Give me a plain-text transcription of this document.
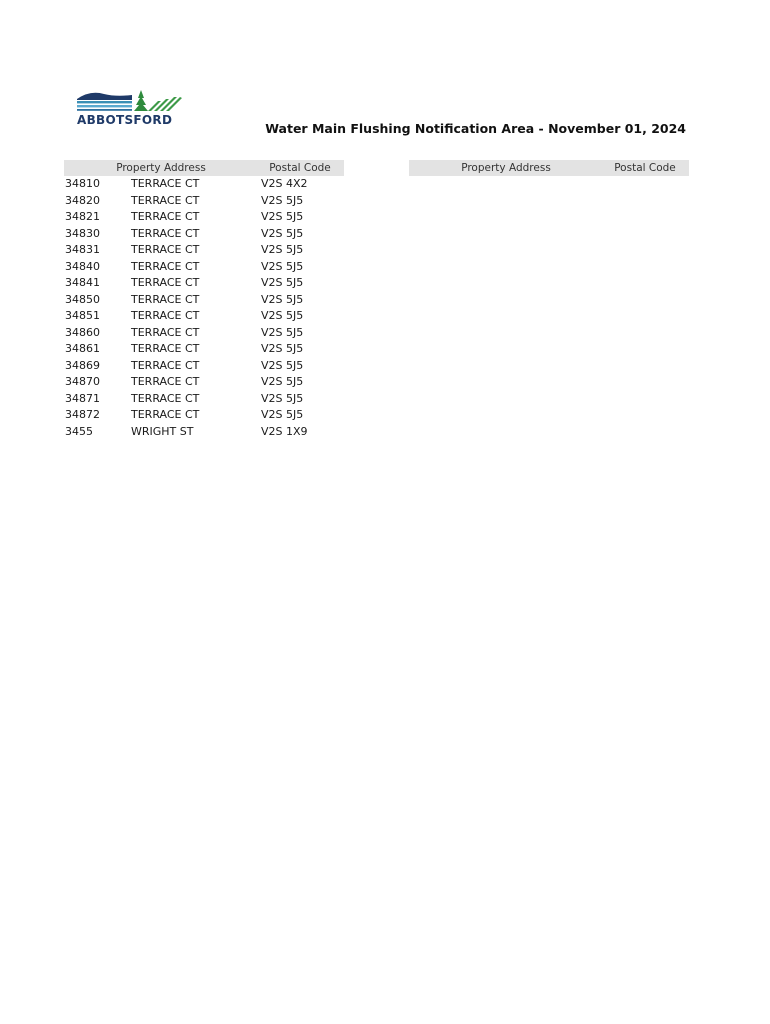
ABBOTSFORD
Water Main Flushing Notification Area - November 01, 2024
Property Address	Postal Code
34810	TERRACE CT	V2S 4X2
34820	TERRACE CT	V2S 5J5
34821	TERRACE CT	V2S 5J5
34830	TERRACE CT	V2S 5J5
34831	TERRACE CT	V2S 5J5
34840	TERRACE CT	V2S 5J5
34841	TERRACE CT	V2S 5J5
34850	TERRACE CT	V2S 5J5
34851	TERRACE CT	V2S 5J5
34860	TERRACE CT	V2S 5J5
34861	TERRACE CT	V2S 5J5
34869	TERRACE CT	V2S 5J5
34870	TERRACE CT	V2S 5J5
34871	TERRACE CT	V2S 5J5
34872	TERRACE CT	V2S 5J5
3455	WRIGHT ST	V2S 1X9
Property Address	Postal Code
